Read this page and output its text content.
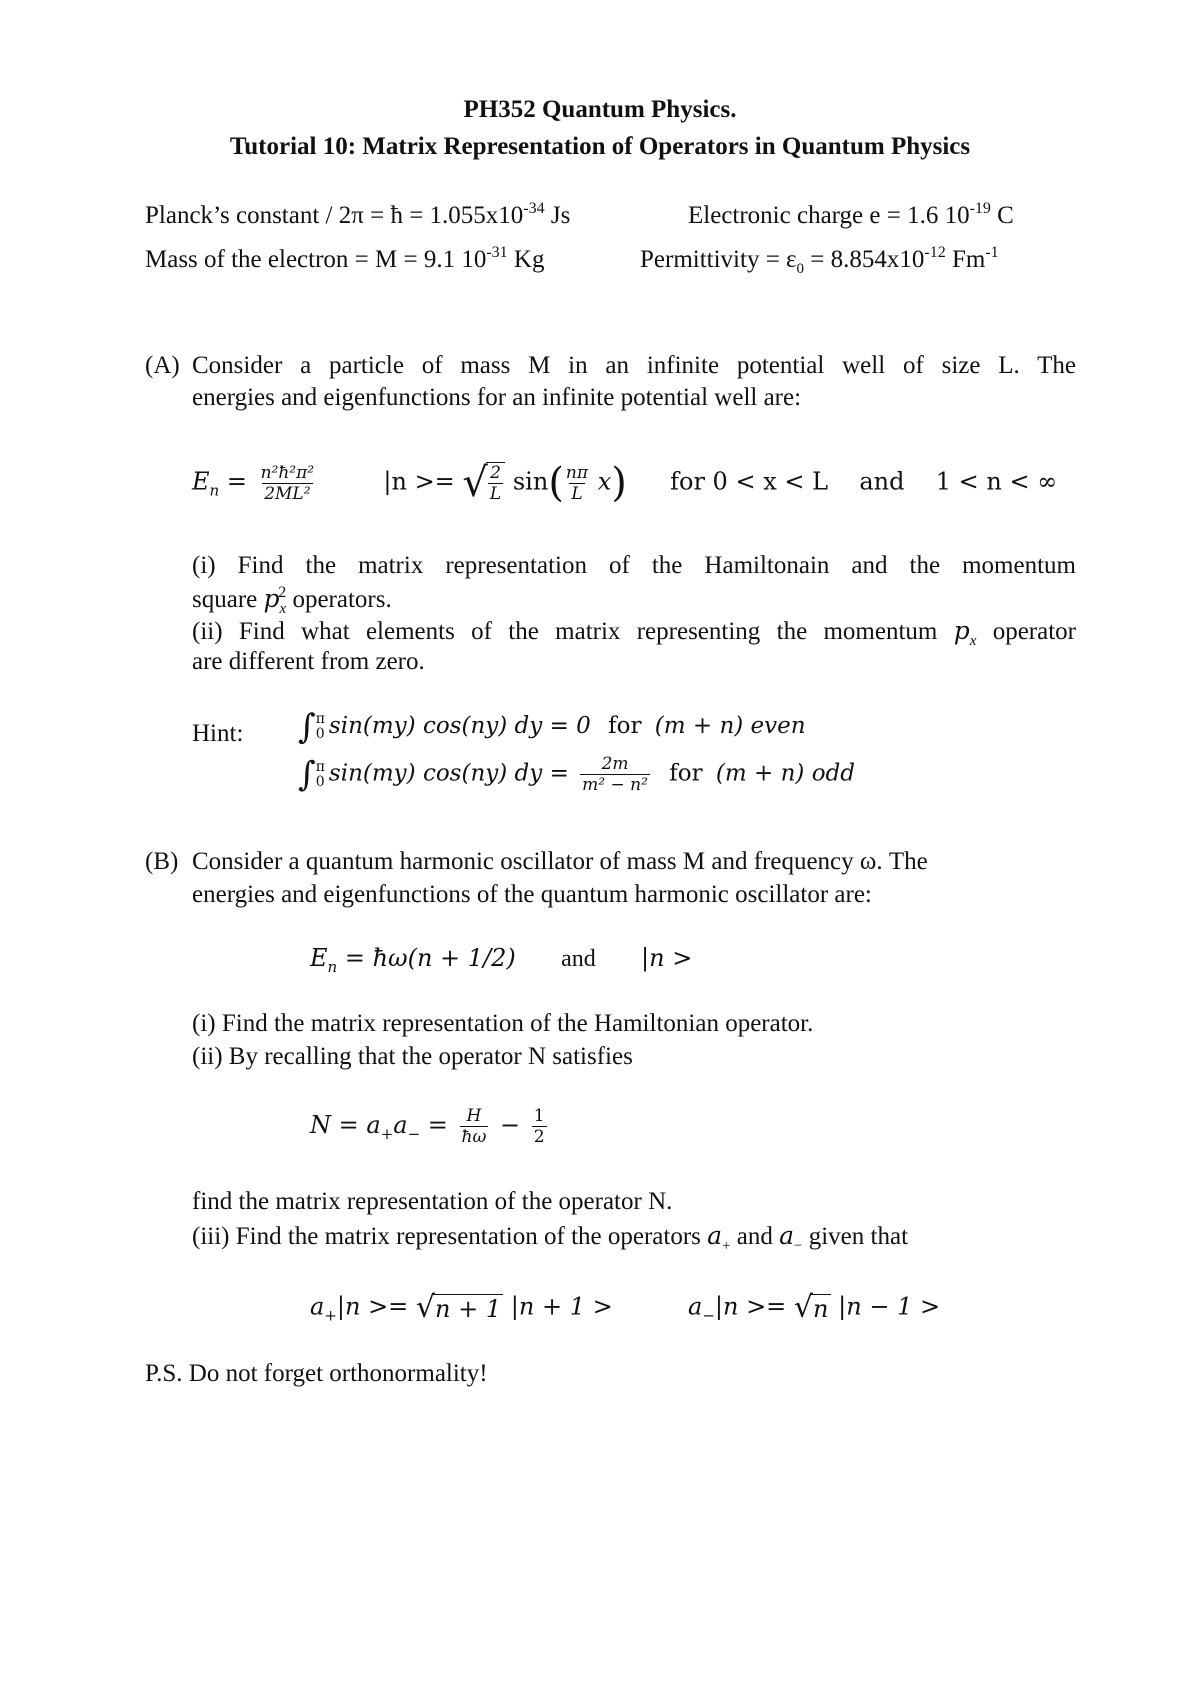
PH352 Quantum Physics.
Tutorial 10: Matrix Representation of Operators in Quantum Physics
Planck’s constant / 2π = ħ = $1.055x10^{-34}$ Js	Electronic charge e = 1.6 $10^{-19}$ C
Mass of the electron = M = 9.1 $10^{-31}$ Kg	Permittivity = $\varepsilon_0 = 8.854x10^{-12}$ $Fm^{-1}$
(A) Consider a particle of mass M in an infinite potential well of size L. The
energies and eigenfunctions for an infinite potential well are:
$E_n = \frac{\text{n²ħ²π²}}{\text{2ML²}}$	|n >= √ $\frac{2}{L} \sin( \frac{n\pi}{L} x)$ for 0 < x < L and 1 < n < ∞
(i) Find the matrix representation of the Hamiltonain and the momentum
square $p_x^2$ operators.
(ii) Find what elements of the matrix representing the momentum $p_x$ operator
are different from zero.
Hint: ∫ π
0 sin(my) cos(ny) dy = 0 for (m + n) even
∫ π
0 sin(my) cos(ny) dy = $\frac{2m}{\text{m² − n²}}$ for (m + n) odd
(B) Consider a quantum harmonic oscillator of mass M and frequency ω. The
energies and eigenfunctions of the quantum harmonic oscillator are:
$E_n$ = ħω(n + 1/2) and |n >
(i) Find the matrix representation of the Hamiltonian operator.
(ii) By recalling that the operator N satisfies
$N = a_+a_- = \frac{H}{ħ\omega} - \frac{1}{2}$
find the matrix representation of the operator N.
(iii) Find the matrix representation of the operators $a_+$ and $a_-$ given that
$a_+|n$ >= √ n + 1 |n + 1 >	$a_-|n$ >= √ n |n − 1 >
P.S. Do not forget orthonormality!
